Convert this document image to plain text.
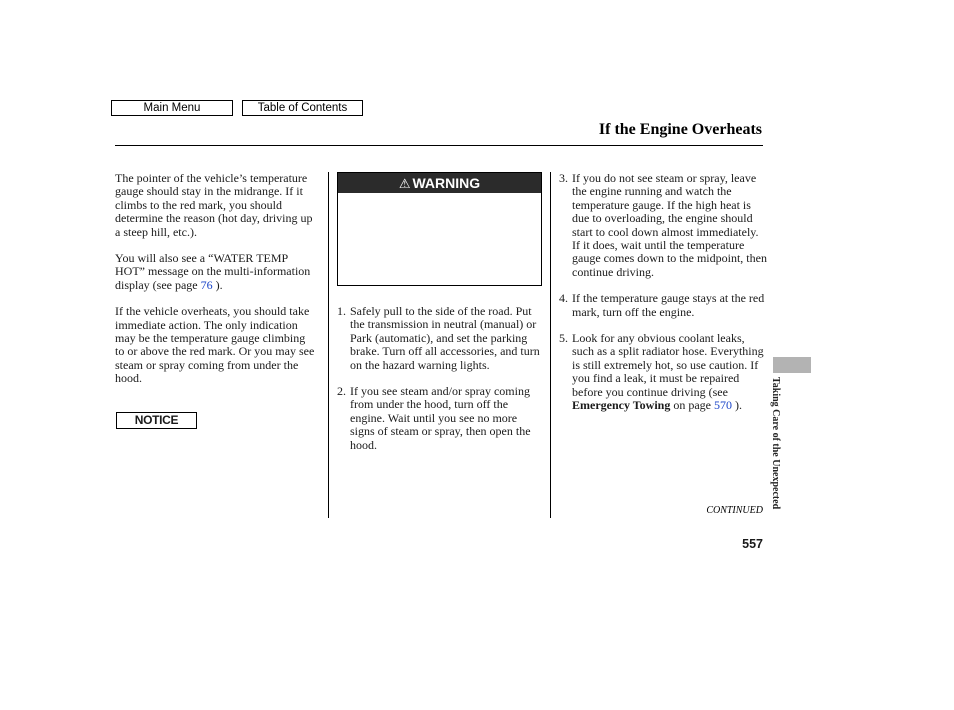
Main Menu	Table of Contents
If the Engine Overheats

The pointer of the vehicle’s temperature gauge should stay in the midrange. If it climbs to the red mark, you should determine the reason (hot day, driving up a steep hill, etc.).

You will also see a “WATER TEMP HOT” message on the multi-information display (see page 76 ).

If the vehicle overheats, you should take immediate action. The only indication may be the temperature gauge climbing to or above the red mark. Or you may see steam or spray coming from under the hood.

NOTICE
⚠ WARNING
1. Safely pull to the side of the road. Put the transmission in neutral (manual) or Park (automatic), and set the parking brake. Turn off all accessories, and turn on the hazard warning lights.
2. If you see steam and/or spray coming from under the hood, turn off the engine. Wait until you see no more signs of steam or spray, then open the hood.
3. If you do not see steam or spray, leave the engine running and watch the temperature gauge. If the high heat is due to overloading, the engine should start to cool down almost immediately. If it does, wait until the temperature gauge comes down to the midpoint, then continue driving.
4. If the temperature gauge stays at the red mark, turn off the engine.
5. Look for any obvious coolant leaks, such as a split radiator hose. Everything is still extremely hot, so use caution. If you find a leak, it must be repaired before you continue driving (see Emergency Towing on page 570 ).
CONTINUED
557
Taking Care of the Unexpected
